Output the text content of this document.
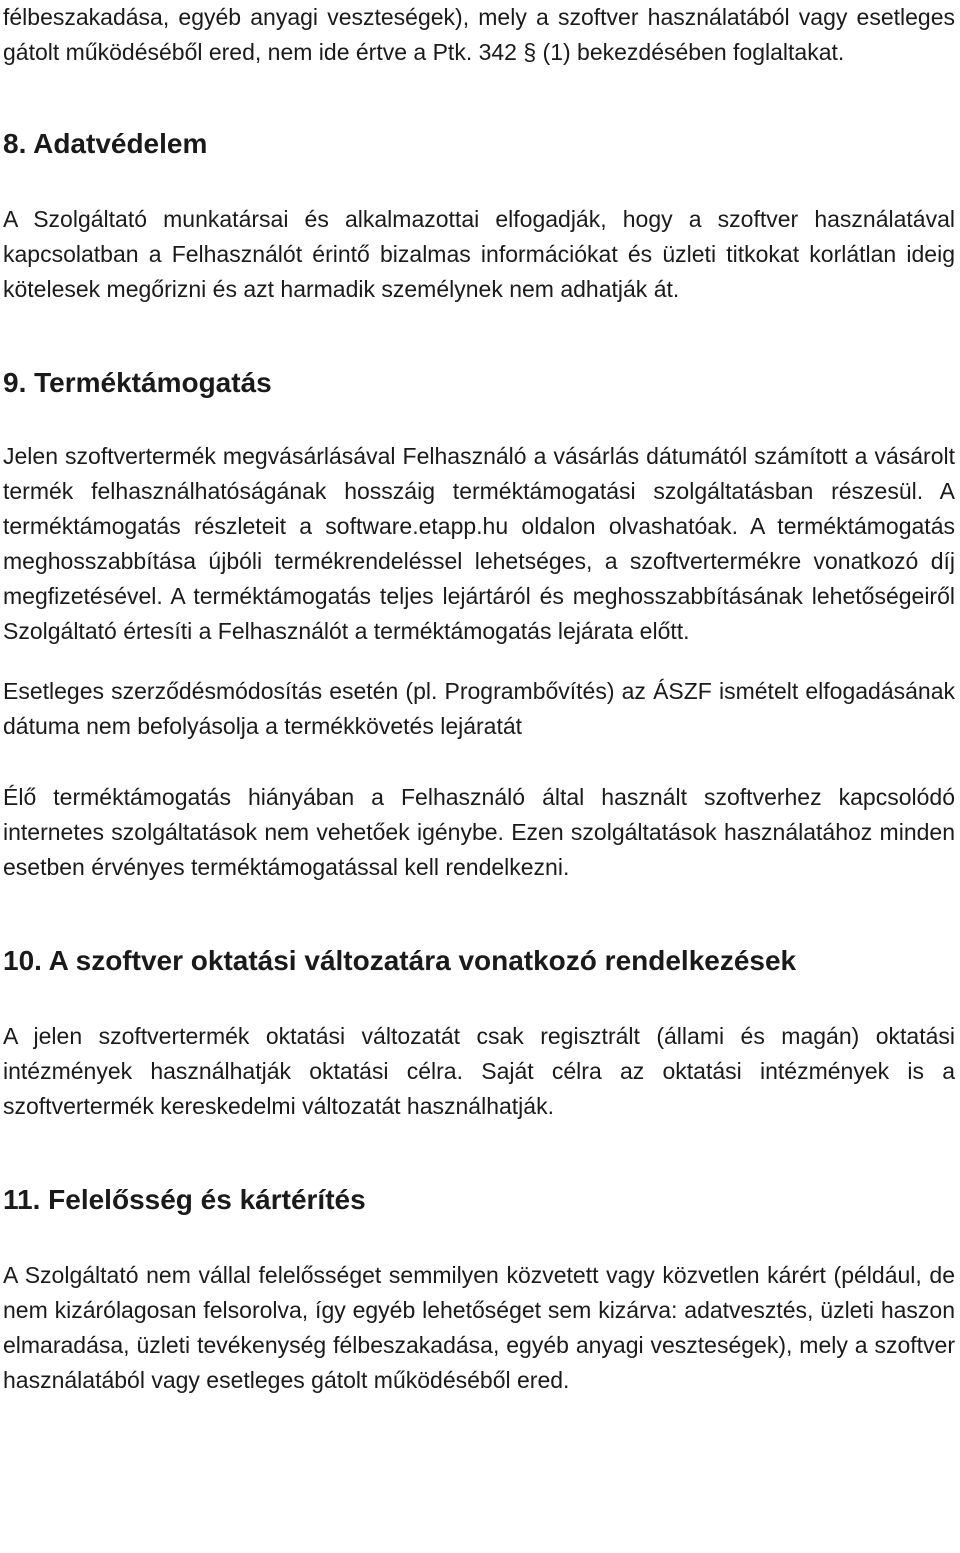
félbeszakadása, egyéb anyagi veszteségek), mely a szoftver használatából vagy esetleges gátolt működéséből ered, nem ide értve a Ptk. 342 § (1) bekezdésében foglaltakat.

8. Adatvédelem

A Szolgáltató munkatársai és alkalmazottai elfogadják, hogy a szoftver használatával kapcsolatban a Felhasználót érintő bizalmas információkat és üzleti titkokat korlátlan ideig kötelesek megőrizni és azt harmadik személynek nem adhatják át.

9. Terméktámogatás

Jelen szoftvertermék megvásárlásával Felhasználó a vásárlás dátumától számított a vásárolt termék felhasználhatóságának hosszáig terméktámogatási szolgáltatásban részesül. A terméktámogatás részleteit a software.etapp.hu oldalon olvashatóak. A terméktámogatás meghosszabbítása újbóli termékrendeléssel lehetséges, a szoftvertermékre vonatkozó díj megfizetésével. A terméktámogatás teljes lejártáról és meghosszabbításának lehetőségeiről Szolgáltató értesíti a Felhasználót a terméktámogatás lejárata előtt.

Esetleges szerződésmódosítás esetén (pl. Programbővítés) az ÁSZF ismételt elfogadásának dátuma nem befolyásolja a termékkövetés lejáratát

Élő terméktámogatás hiányában a Felhasználó által használt szoftverhez kapcsolódó internetes szolgáltatások nem vehetőek igénybe. Ezen szolgáltatások használatához minden esetben érvényes terméktámogatással kell rendelkezni.

10. A szoftver oktatási változatára vonatkozó rendelkezések

A jelen szoftvertermék oktatási változatát csak regisztrált (állami és magán) oktatási intézmények használhatják oktatási célra. Saját célra az oktatási intézmények is a szoftvertermék kereskedelmi változatát használhatják.

11. Felelősség és kártérítés

A Szolgáltató nem vállal felelősséget semmilyen közvetett vagy közvetlen kárért (például, de nem kizárólagosan felsorolva, így egyéb lehetőséget sem kizárva: adatvesztés, üzleti haszon elmaradása, üzleti tevékenység félbeszakadása, egyéb anyagi veszteségek), mely a szoftver használatából vagy esetleges gátolt működéséből ered.
